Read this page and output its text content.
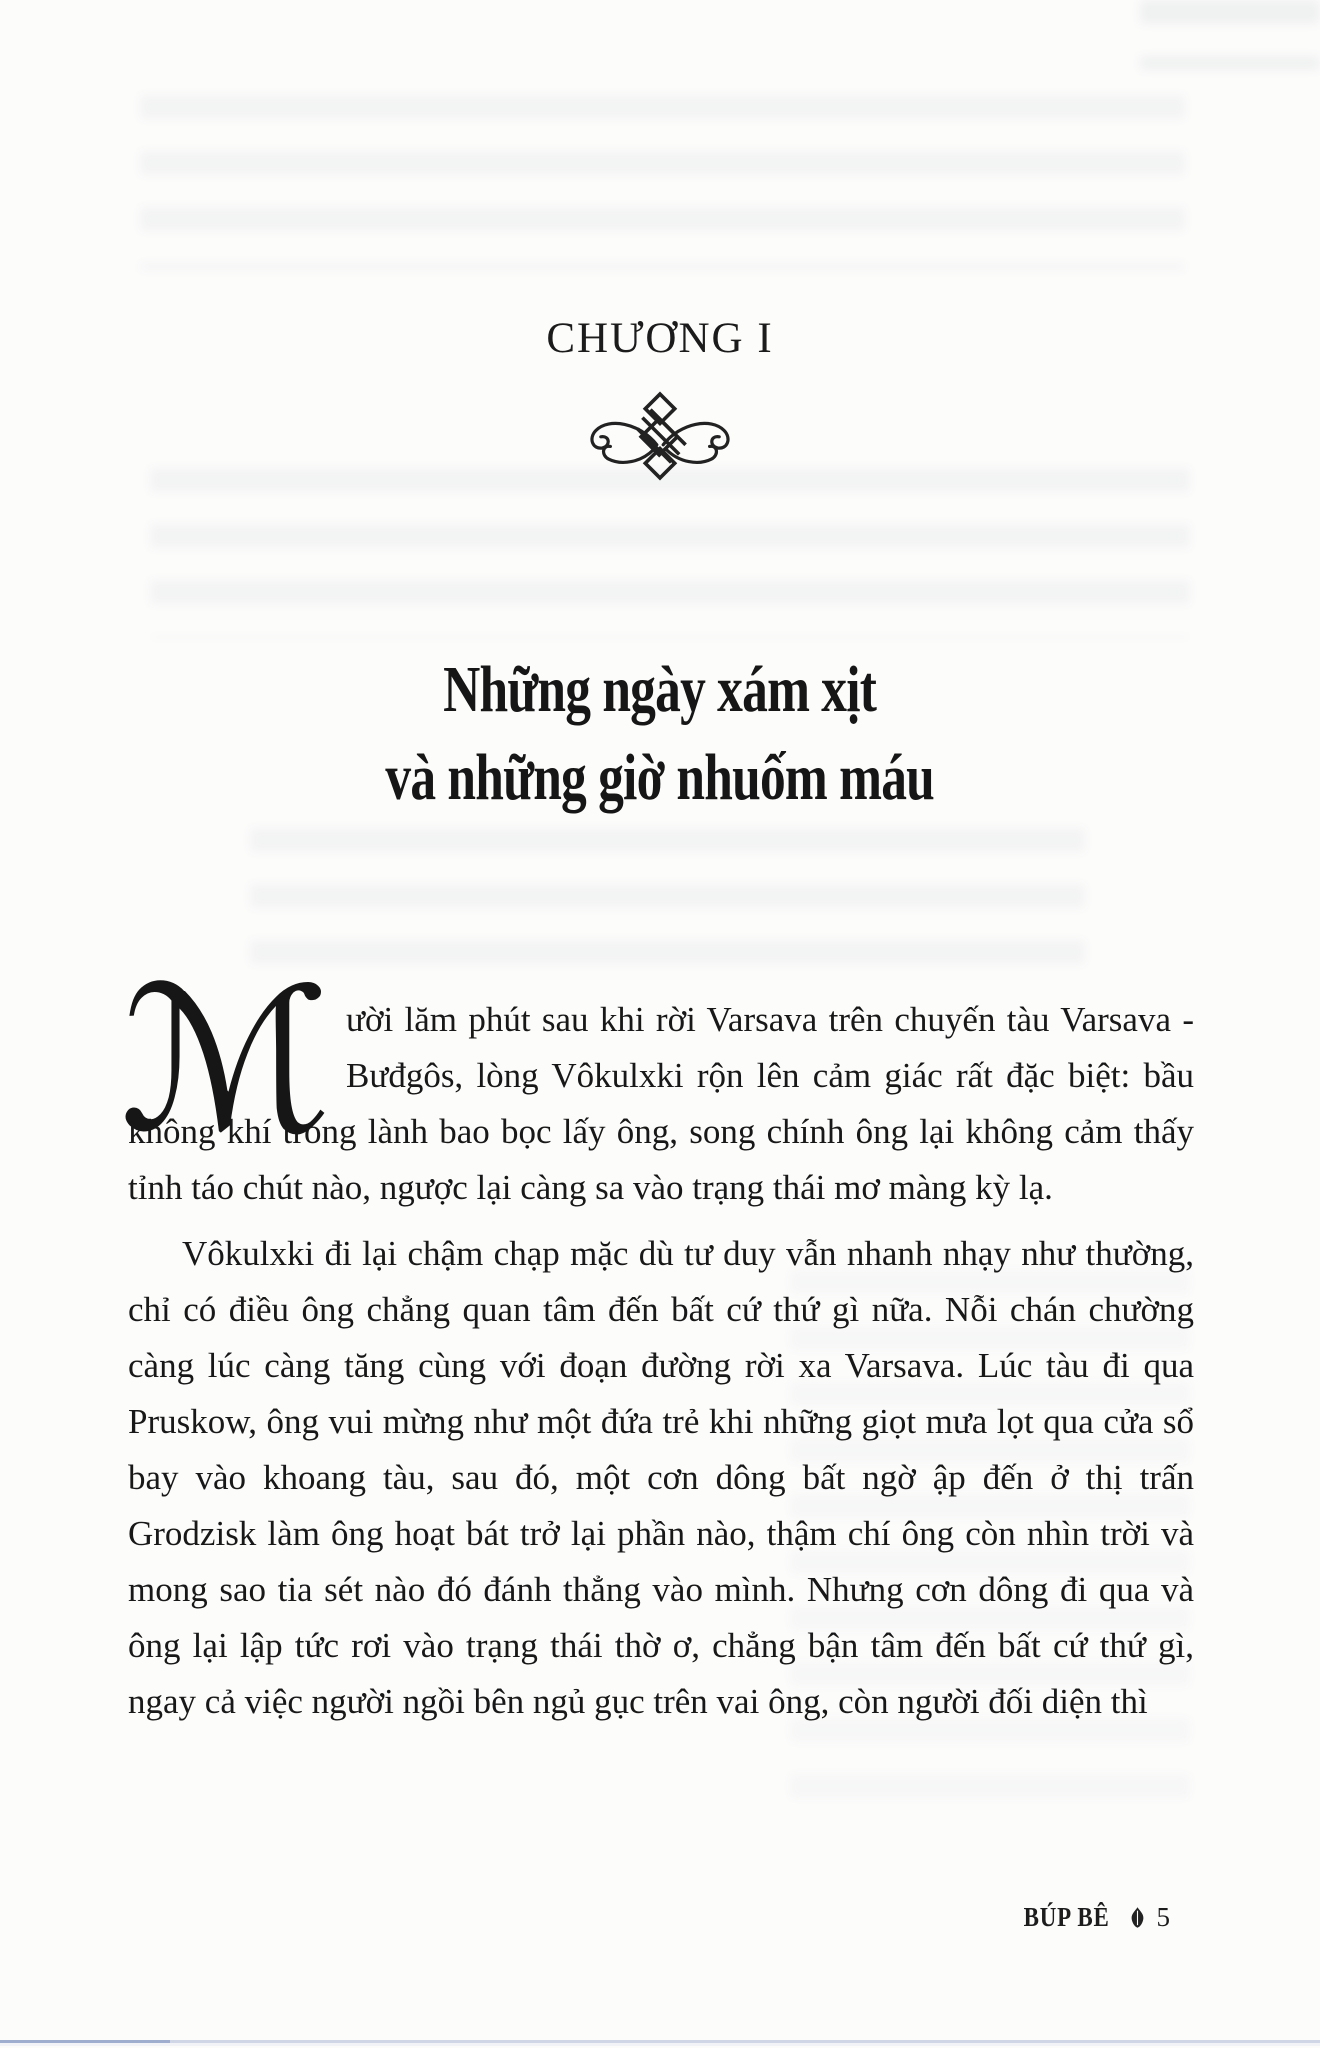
CHƯƠNG I
Những ngày xám xịt
và những giờ nhuốm máu

ℳ ười lăm phút sau khi rời Varsava trên chuyến tàu Varsava - Bưđgôs, lòng Vôkulxki rộn lên cảm giác rất đặc biệt: bầu không khí trong lành bao bọc lấy ông, song chính ông lại không cảm thấy tỉnh táo chút nào, ngược lại càng sa vào trạng thái mơ màng kỳ lạ.

Vôkulxki đi lại chậm chạp mặc dù tư duy vẫn nhanh nhạy như thường, chỉ có điều ông chẳng quan tâm đến bất cứ thứ gì nữa. Nỗi chán chường càng lúc càng tăng cùng với đoạn đường rời xa Varsava. Lúc tàu đi qua Pruskow, ông vui mừng như một đứa trẻ khi những giọt mưa lọt qua cửa sổ bay vào khoang tàu, sau đó, một cơn dông bất ngờ ập đến ở thị trấn Grodzisk làm ông hoạt bát trở lại phần nào, thậm chí ông còn nhìn trời và mong sao tia sét nào đó đánh thẳng vào mình. Nhưng cơn dông đi qua và ông lại lập tức rơi vào trạng thái thờ ơ, chẳng bận tâm đến bất cứ thứ gì, ngay cả việc người ngồi bên ngủ gục trên vai ông, còn người đối diện thì

BÚP BÊ 5
